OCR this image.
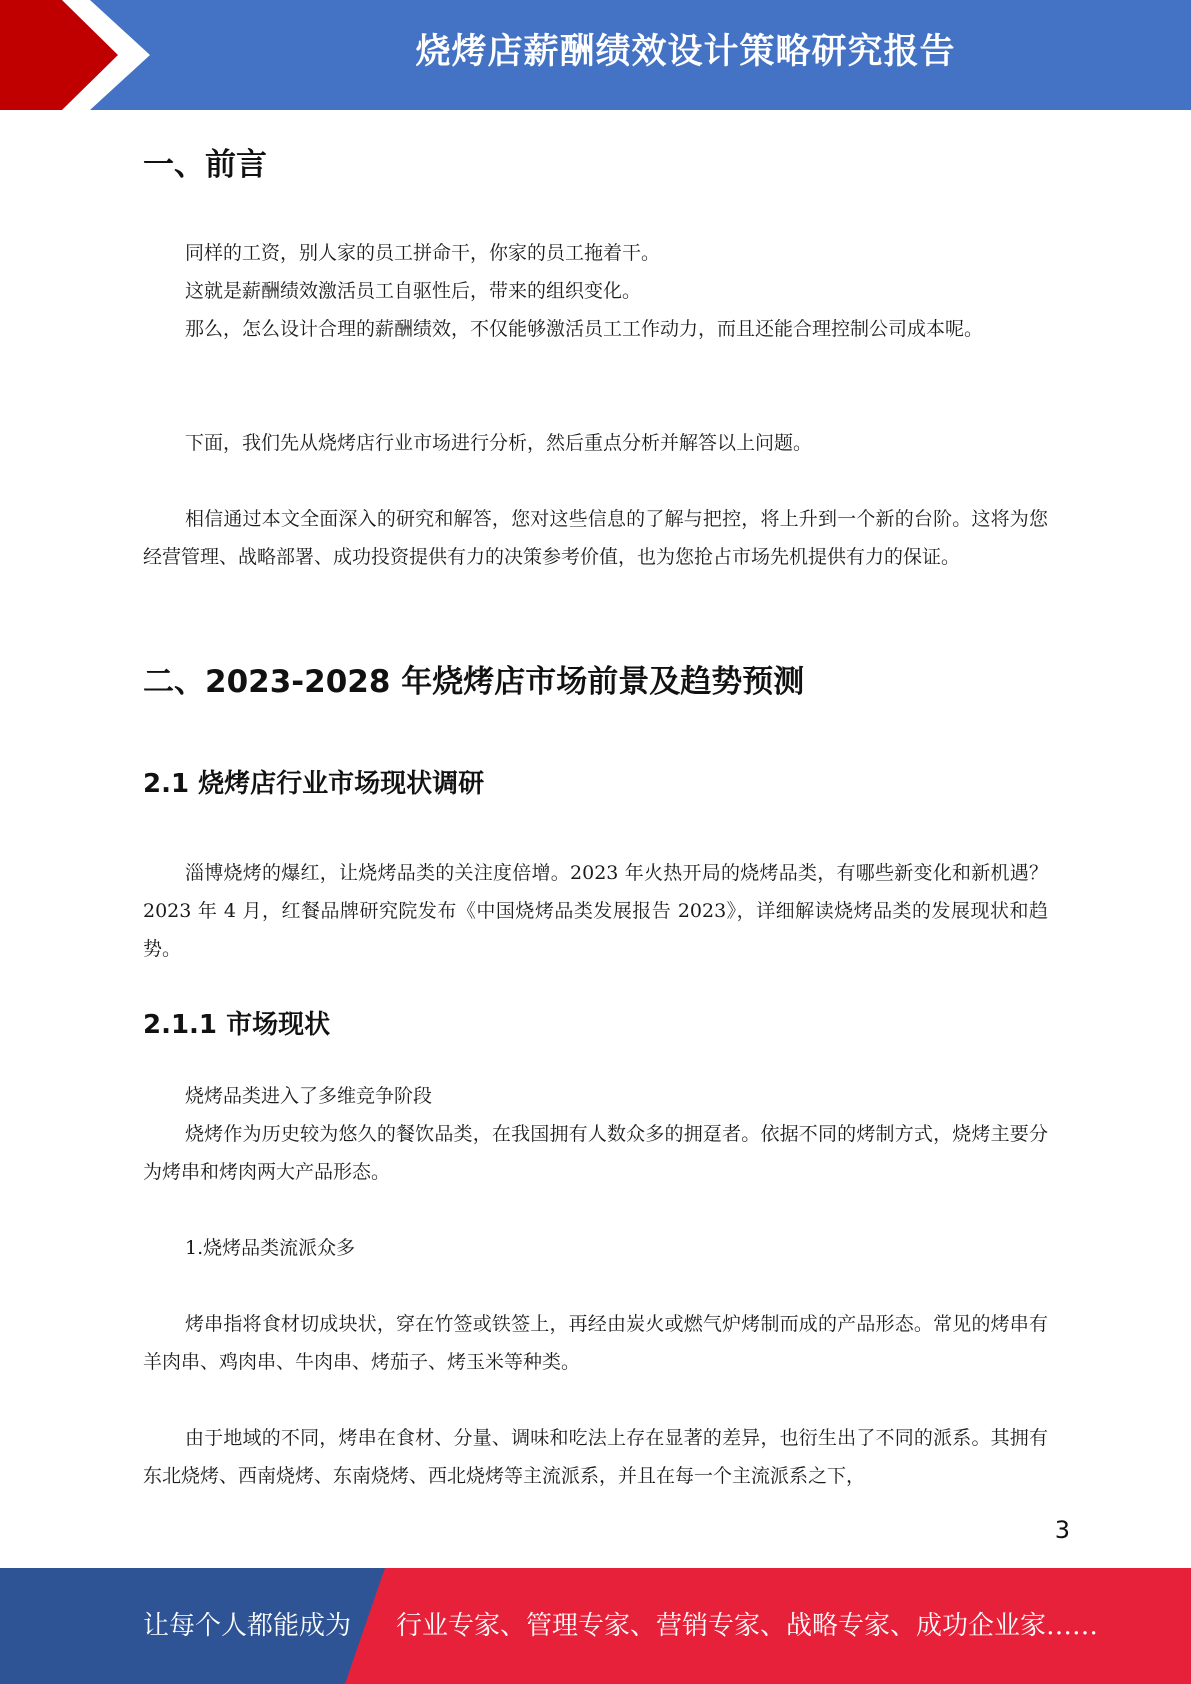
烧烤店薪酬绩效设计策略研究报告
一、前言

同样的工资，别人家的员工拼命干，你家的员工拖着干。

这就是薪酬绩效激活员工自驱性后，带来的组织变化。

那么，怎么设计合理的薪酬绩效，不仅能够激活员工工作动力，而且还能合理控制公司成本呢。

下面，我们先从烧烤店行业市场进行分析，然后重点分析并解答以上问题。

相信通过本文全面深入的研究和解答，您对这些信息的了解与把控，将上升到一个新的台阶。这将为您经营管理、战略部署、成功投资提供有力的决策参考价值，也为您抢占市场先机提供有力的保证。

二、2023-2028 年烧烤店市场前景及趋势预测
2.1 烧烤店行业市场现状调研

淄博烧烤的爆红，让烧烤品类的关注度倍增。2023 年火热开局的烧烤品类，有哪些新变化和新机遇？2023 年 4 月，红餐品牌研究院发布《中国烧烤品类发展报告 2023》，详细解读烧烤品类的发展现状和趋势。

2.1.1 市场现状

烧烤品类进入了多维竞争阶段

烧烤作为历史较为悠久的餐饮品类，在我国拥有人数众多的拥趸者。依据不同的烤制方式，烧烤主要分为烤串和烤肉两大产品形态。

1.烧烤品类流派众多

烤串指将食材切成块状，穿在竹签或铁签上，再经由炭火或燃气炉烤制而成的产品形态。常见的烤串有羊肉串、鸡肉串、牛肉串、烤茄子、烤玉米等种类。

由于地域的不同，烤串在食材、分量、调味和吃法上存在显著的差异，也衍生出了不同的派系。其拥有东北烧烤、西南烧烤、东南烧烤、西北烧烤等主流派系，并且在每一个主流派系之下，

3
让每个人都能成为 行业专家、管理专家、营销专家、战略专家、成功企业家……
